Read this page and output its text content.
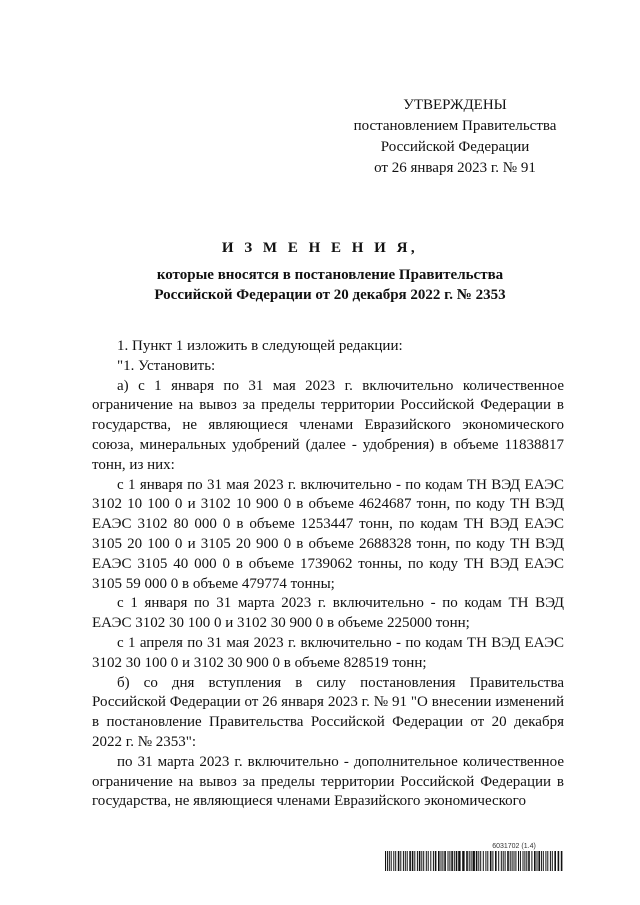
УТВЕРЖДЕНЫ
постановлением Правительства
Российской Федерации
от 26 января 2023 г. № 91
И З М Е Н Е Н И Я,
которые вносятся в постановление Правительства
Российской Федерации от 20 декабря 2022 г. № 2353

1. Пункт 1 изложить в следующей редакции:

"1. Установить:

а) с 1 января по 31 мая 2023 г. включительно количественное ограничение на вывоз за пределы территории Российской Федерации в государства, не являющиеся членами Евразийского экономического союза, минеральных удобрений (далее - удобрения) в объеме 11838817 тонн, из них:

с 1 января по 31 мая 2023 г. включительно - по кодам ТН ВЭД ЕАЭС 3102 10 100 0 и 3102 10 900 0 в объеме 4624687 тонн, по коду ТН ВЭД ЕАЭС 3102 80 000 0 в объеме 1253447 тонн, по кодам ТН ВЭД ЕАЭС 3105 20 100 0 и 3105 20 900 0 в объеме 2688328 тонн, по коду ТН ВЭД ЕАЭС 3105 40 000 0 в объеме 1739062 тонны, по коду ТН ВЭД ЕАЭС 3105 59 000 0 в объеме 479774 тонны;

с 1 января по 31 марта 2023 г. включительно - по кодам ТН ВЭД ЕАЭС 3102 30 100 0 и 3102 30 900 0 в объеме 225000 тонн;

с 1 апреля по 31 мая 2023 г. включительно - по кодам ТН ВЭД ЕАЭС 3102 30 100 0 и 3102 30 900 0 в объеме 828519 тонн;

б) со дня вступления в силу постановления Правительства Российской Федерации от 26 января 2023 г. № 91 "О внесении изменений в постановление Правительства Российской Федерации от 20 декабря 2022 г. № 2353":

по 31 марта 2023 г. включительно - дополнительное количественное ограничение на вывоз за пределы территории Российской Федерации в государства, не являющиеся членами Евразийского экономического

6031702 (1.4)
